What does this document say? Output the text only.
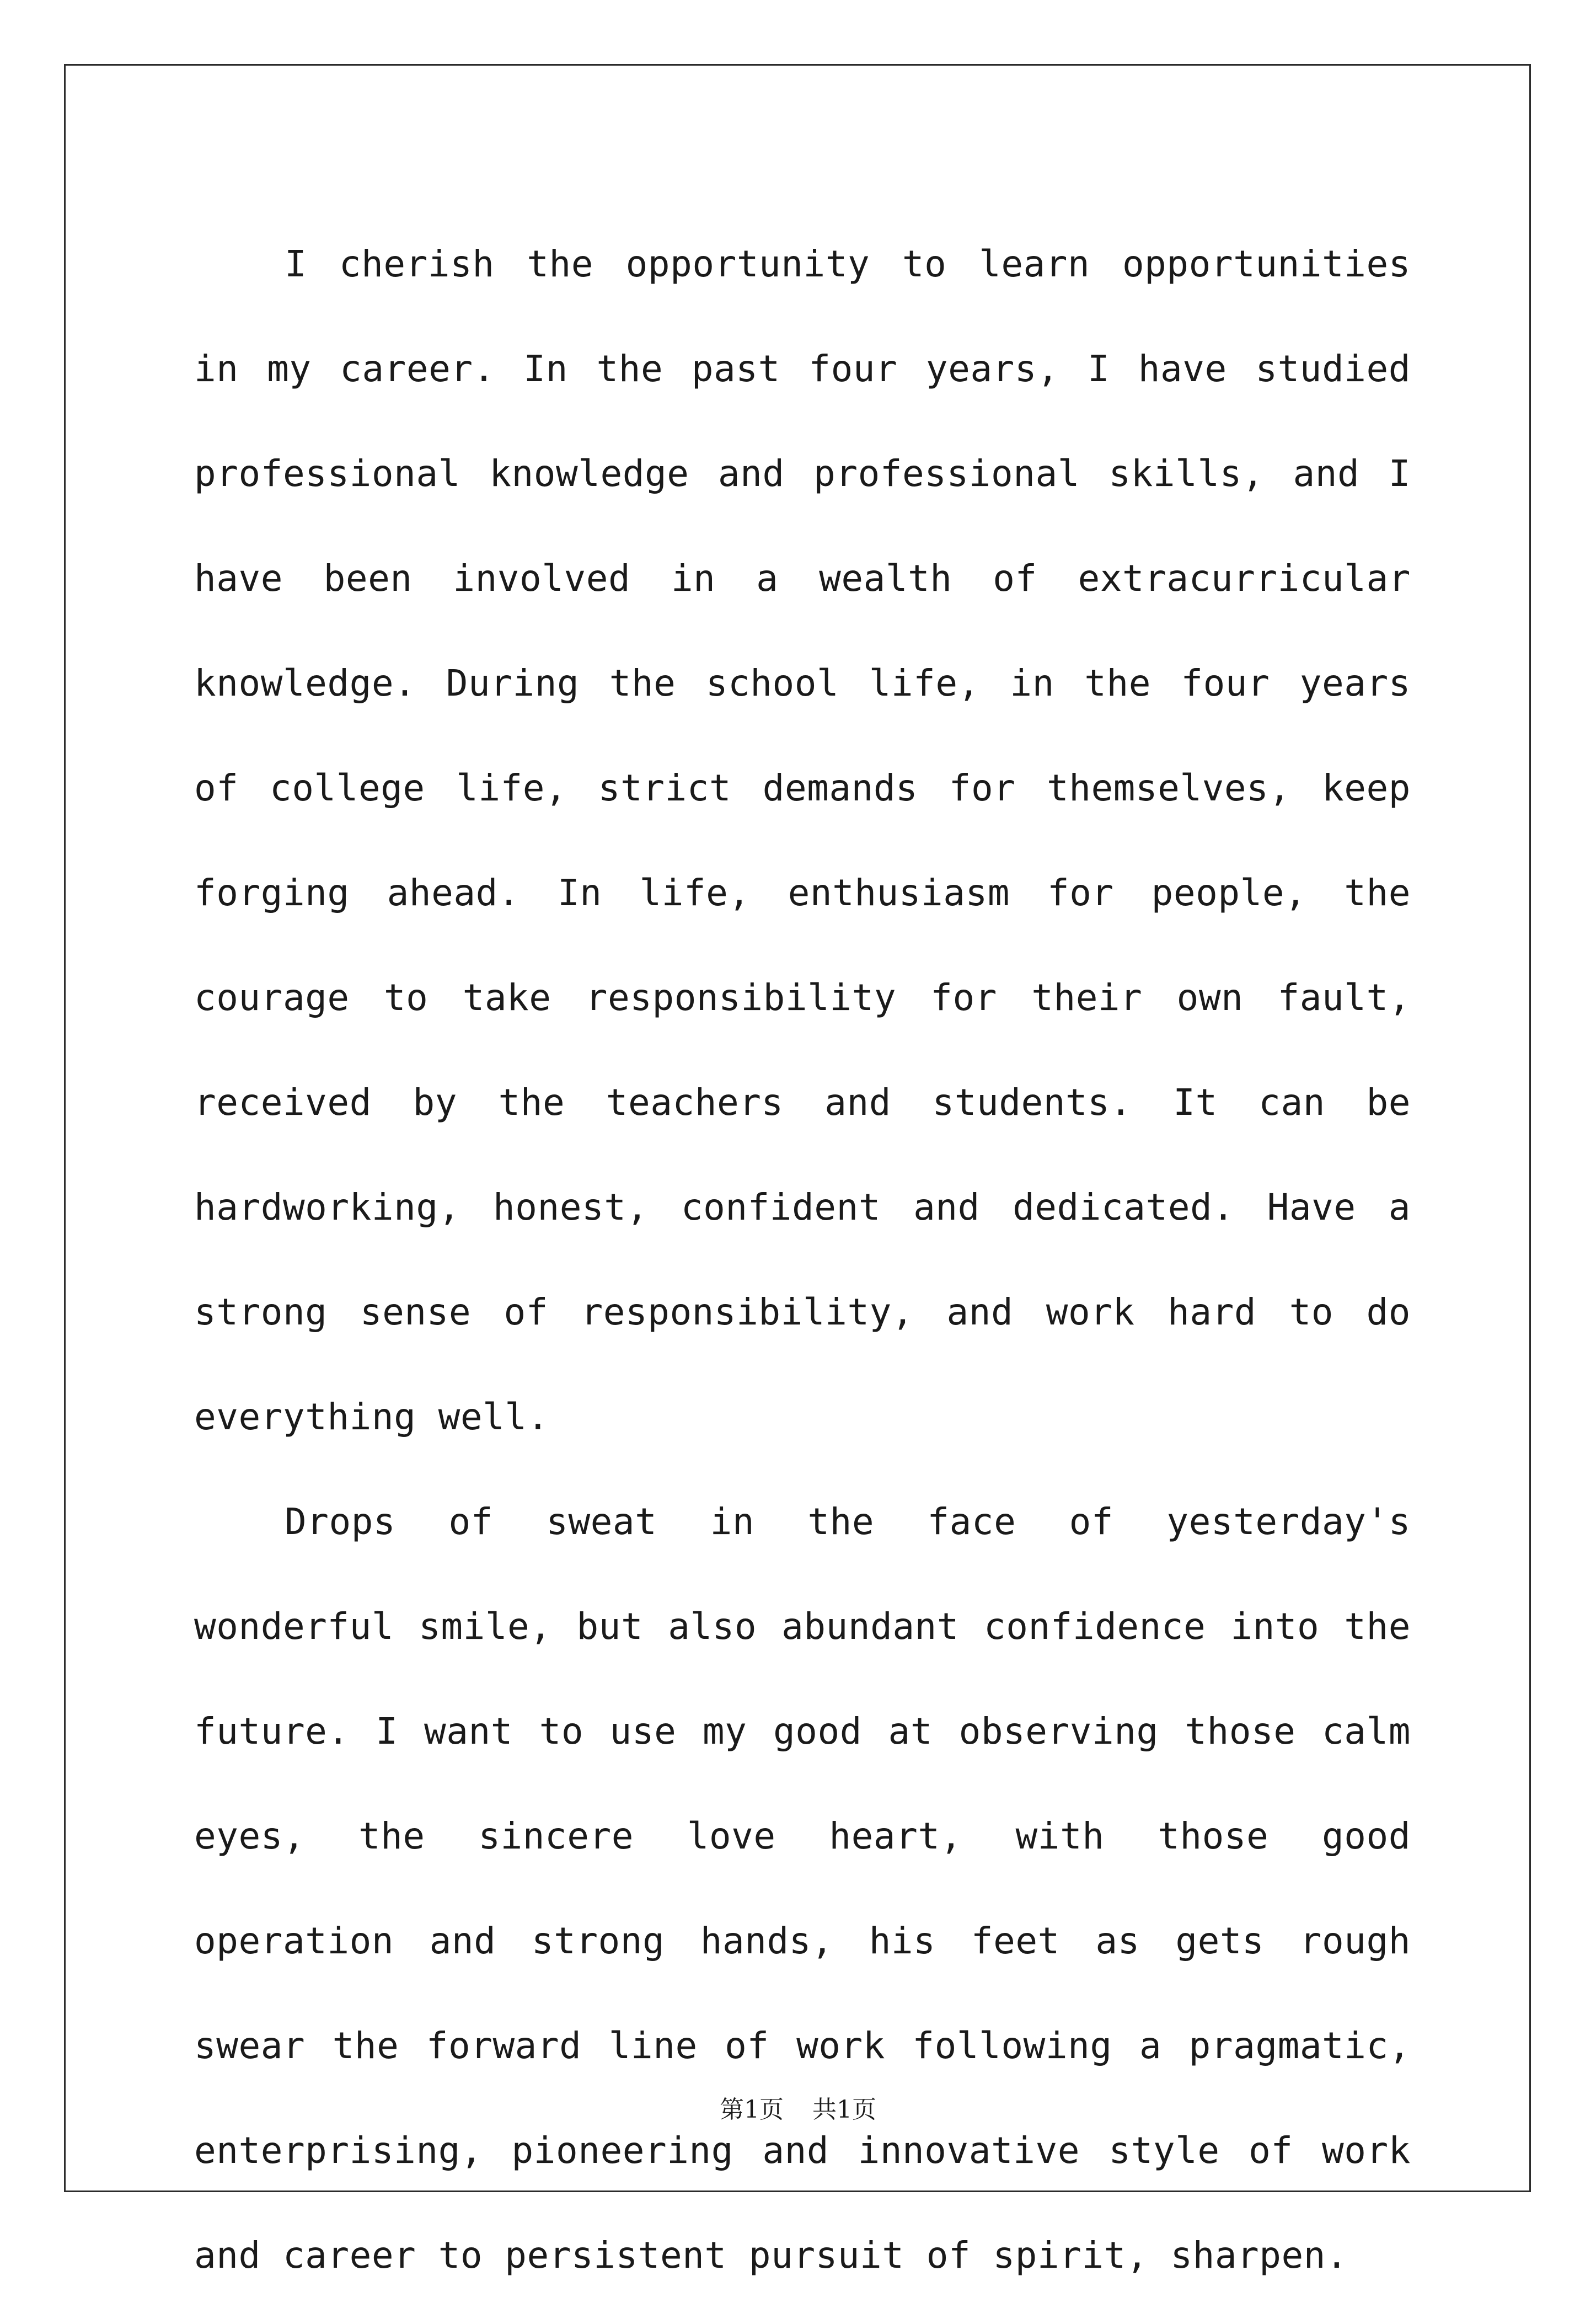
I cherish the opportunity to learn opportunities in my career. In the past four years, I have studied professional knowledge and professional skills, and I have been involved in a wealth of extracurricular knowledge. During the school life, in the four years of college life, strict demands for themselves, keep forging ahead. In life, enthusiasm for people, the courage to take responsibility for their own fault, received by the teachers and students. It can be hardworking, honest, confident and dedicated. Have a strong sense of responsibility, and work hard to do everything well.

Drops of sweat in the face of yesterday's wonderful smile, but also abundant confidence into the future. I want to use my good at observing those calm eyes, the sincere love heart, with those good operation and strong hands, his feet as gets rough swear the forward line of work following a pragmatic, enterprising, pioneering and innovative style of work and career to persistent pursuit of spirit, sharpen.

第1页 共1页
